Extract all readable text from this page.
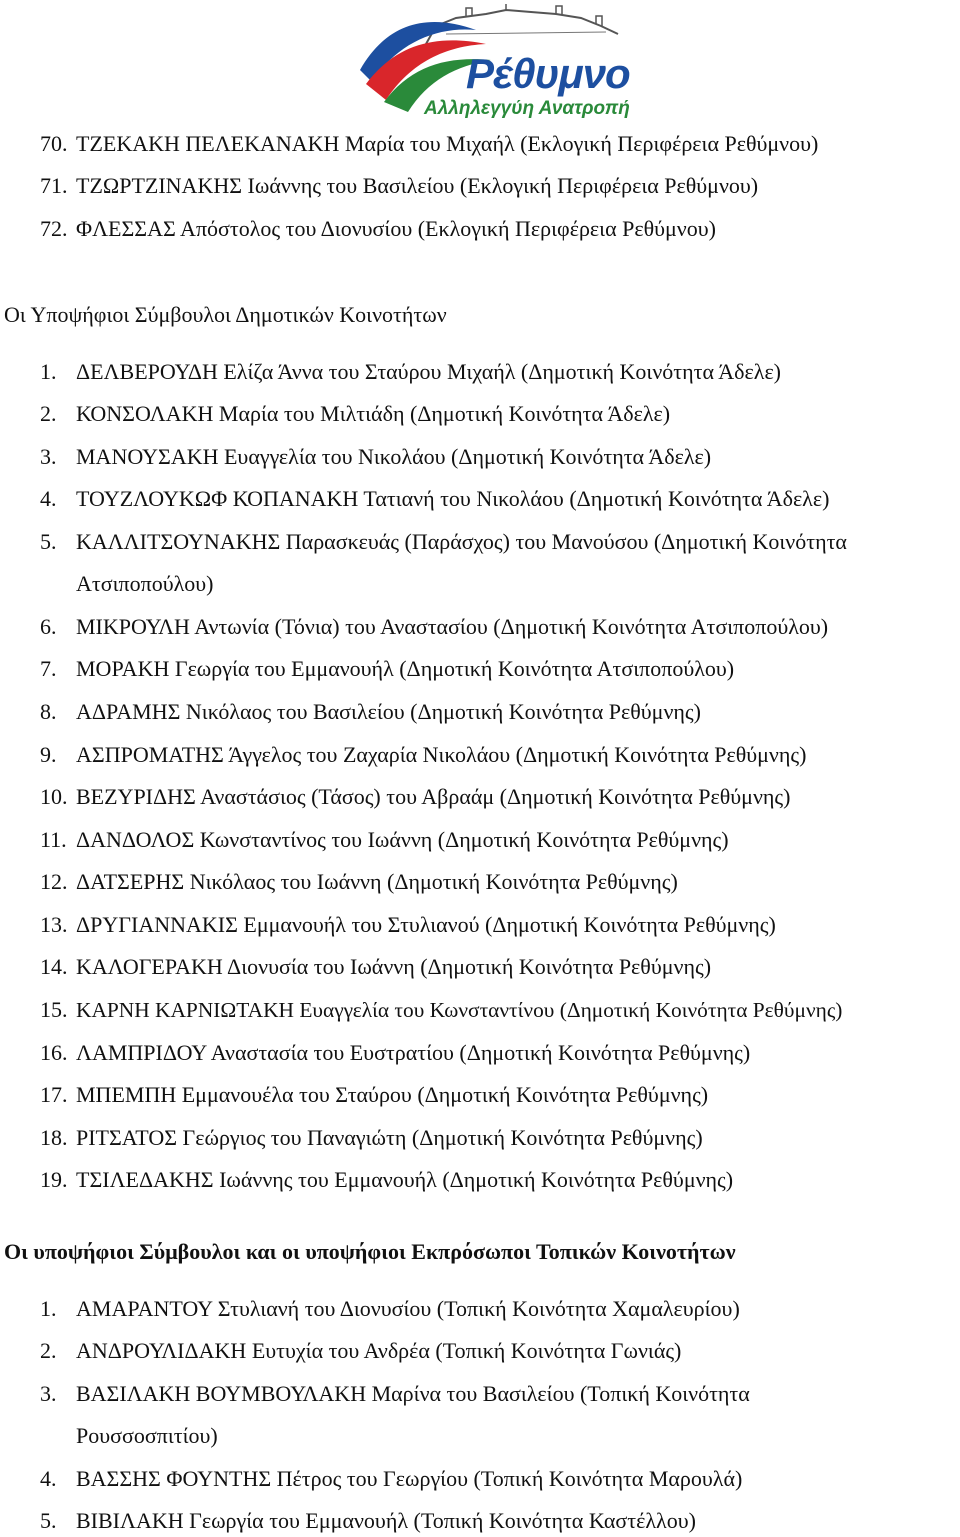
Ρέθυμνο
Αλληλεγγύη Ανατροπή
70. ΤΖΕΚΑΚΗ ΠΕΛΕΚΑΝΑΚΗ Μαρία του Μιχαήλ (Εκλογική Περιφέρεια Ρεθύμνου)
71. ΤΖΩΡΤΖΙΝΑΚΗΣ Ιωάννης του Βασιλείου (Εκλογική Περιφέρεια Ρεθύμνου)
72. ΦΛΕΣΣΑΣ Απόστολος του Διονυσίου (Εκλογική Περιφέρεια Ρεθύμνου)
Οι Υποψήφιοι Σύμβουλοι Δημοτικών Κοινοτήτων
1. ΔΕΛΒΕΡΟΥΔΗ Ελίζα Άννα του Σταύρου Μιχαήλ (Δημοτική Κοινότητα Άδελε)
2. ΚΟΝΣΟΛΑΚΗ Μαρία του Μιλτιάδη (Δημοτική Κοινότητα Άδελε)
3. ΜΑΝΟΥΣΑΚΗ Ευαγγελία του Νικολάου (Δημοτική Κοινότητα Άδελε)
4. ΤΟΥΖΛΟΥΚΩΦ ΚΟΠΑΝΑΚΗ Τατιανή του Νικολάου (Δημοτική Κοινότητα Άδελε)
5. ΚΑΛΛΙΤΣΟΥΝΑΚΗΣ Παρασκευάς (Παράσχος) του Μανούσου (Δημοτική Κοινότητα
Ατσιποπούλου)
6. ΜΙΚΡΟΥΛΗ Αντωνία (Τόνια) του Αναστασίου (Δημοτική Κοινότητα Ατσιποπούλου)
7. ΜΟΡΑΚΗ Γεωργία του Εμμανουήλ (Δημοτική Κοινότητα Ατσιποπούλου)
8. ΑΔΡΑΜΗΣ Νικόλαος του Βασιλείου (Δημοτική Κοινότητα Ρεθύμνης)
9. ΑΣΠΡΟΜΑΤΗΣ Άγγελος του Ζαχαρία Νικολάου (Δημοτική Κοινότητα Ρεθύμνης)
10. ΒΕΖΥΡΙΔΗΣ Αναστάσιος (Τάσος) του Αβραάμ (Δημοτική Κοινότητα Ρεθύμνης)
11. ΔΑΝΔΟΛΟΣ Κωνσταντίνος του Ιωάννη (Δημοτική Κοινότητα Ρεθύμνης)
12. ΔΑΤΣΕΡΗΣ Νικόλαος του Ιωάννη (Δημοτική Κοινότητα Ρεθύμνης)
13. ΔΡΥΓΙΑΝΝΑΚΙΣ Εμμανουήλ του Στυλιανού (Δημοτική Κοινότητα Ρεθύμνης)
14. ΚΑΛΟΓΕΡΑΚΗ Διονυσία του Ιωάννη (Δημοτική Κοινότητα Ρεθύμνης)
15. ΚΑΡΝΗ ΚΑΡΝΙΩΤΑΚΗ Ευαγγελία του Κωνσταντίνου (Δημοτική Κοινότητα Ρεθύμνης)
16. ΛΑΜΠΡΙΔΟΥ Αναστασία του Ευστρατίου (Δημοτική Κοινότητα Ρεθύμνης)
17. ΜΠΕΜΠΗ Εμμανουέλα του Σταύρου (Δημοτική Κοινότητα Ρεθύμνης)
18. ΡΙΤΣΑΤΟΣ Γεώργιος του Παναγιώτη (Δημοτική Κοινότητα Ρεθύμνης)
19. ΤΣΙΛΕΔΑΚΗΣ Ιωάννης του Εμμανουήλ (Δημοτική Κοινότητα Ρεθύμνης)
Οι υποψήφιοι Σύμβουλοι και οι υποψήφιοι Εκπρόσωποι Τοπικών Κοινοτήτων
1. ΑΜΑΡΑΝΤΟΥ Στυλιανή του Διονυσίου (Τοπική Κοινότητα Χαμαλευρίου)
2. ΑΝΔΡΟΥΛΙΔΑΚΗ Ευτυχία του Ανδρέα (Τοπική Κοινότητα Γωνιάς)
3. ΒΑΣΙΛΑΚΗ ΒΟΥΜΒΟΥΛΑΚΗ Μαρίνα του Βασιλείου (Τοπική Κοινότητα
Ρουσσοσπιτίου)
4. ΒΑΣΣΗΣ ΦΟΥΝΤΗΣ Πέτρος του Γεωργίου (Τοπική Κοινότητα Μαρουλά)
5. ΒΙΒΙΛΑΚΗ Γεωργία του Εμμανουήλ (Τοπική Κοινότητα Καστέλλου)
